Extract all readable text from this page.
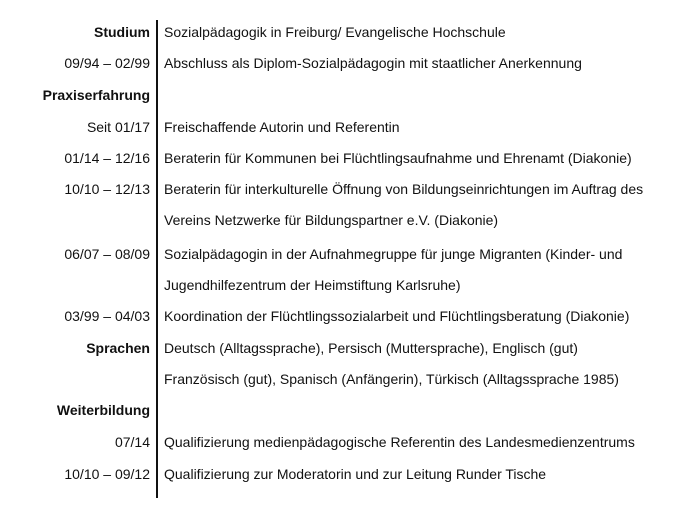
Studium Sozialpädagogik in Freiburg/ Evangelische Hochschule
09/94 – 02/99 Abschluss als Diplom-Sozialpädagogin mit staatlicher Anerkennung
Praxiserfahrung
Seit 01/17 Freischaffende Autorin und Referentin
01/14 – 12/16 Beraterin für Kommunen bei Flüchtlingsaufnahme und Ehrenamt (Diakonie)
10/10 – 12/13 Beraterin für interkulturelle Öffnung von Bildungseinrichtungen im Auftrag des
Vereins Netzwerke für Bildungspartner e.V. (Diakonie)
06/07 – 08/09 Sozialpädagogin in der Aufnahmegruppe für junge Migranten (Kinder- und
Jugendhilfezentrum der Heimstiftung Karlsruhe)
03/99 – 04/03 Koordination der Flüchtlingssozialarbeit und Flüchtlingsberatung (Diakonie)
Sprachen Deutsch (Alltagssprache), Persisch (Muttersprache), Englisch (gut)
Französisch (gut), Spanisch (Anfängerin), Türkisch (Alltagssprache 1985)
Weiterbildung
07/14 Qualifizierung medienpädagogische Referentin des Landesmedienzentrums
10/10 – 09/12 Qualifizierung zur Moderatorin und zur Leitung Runder Tische
